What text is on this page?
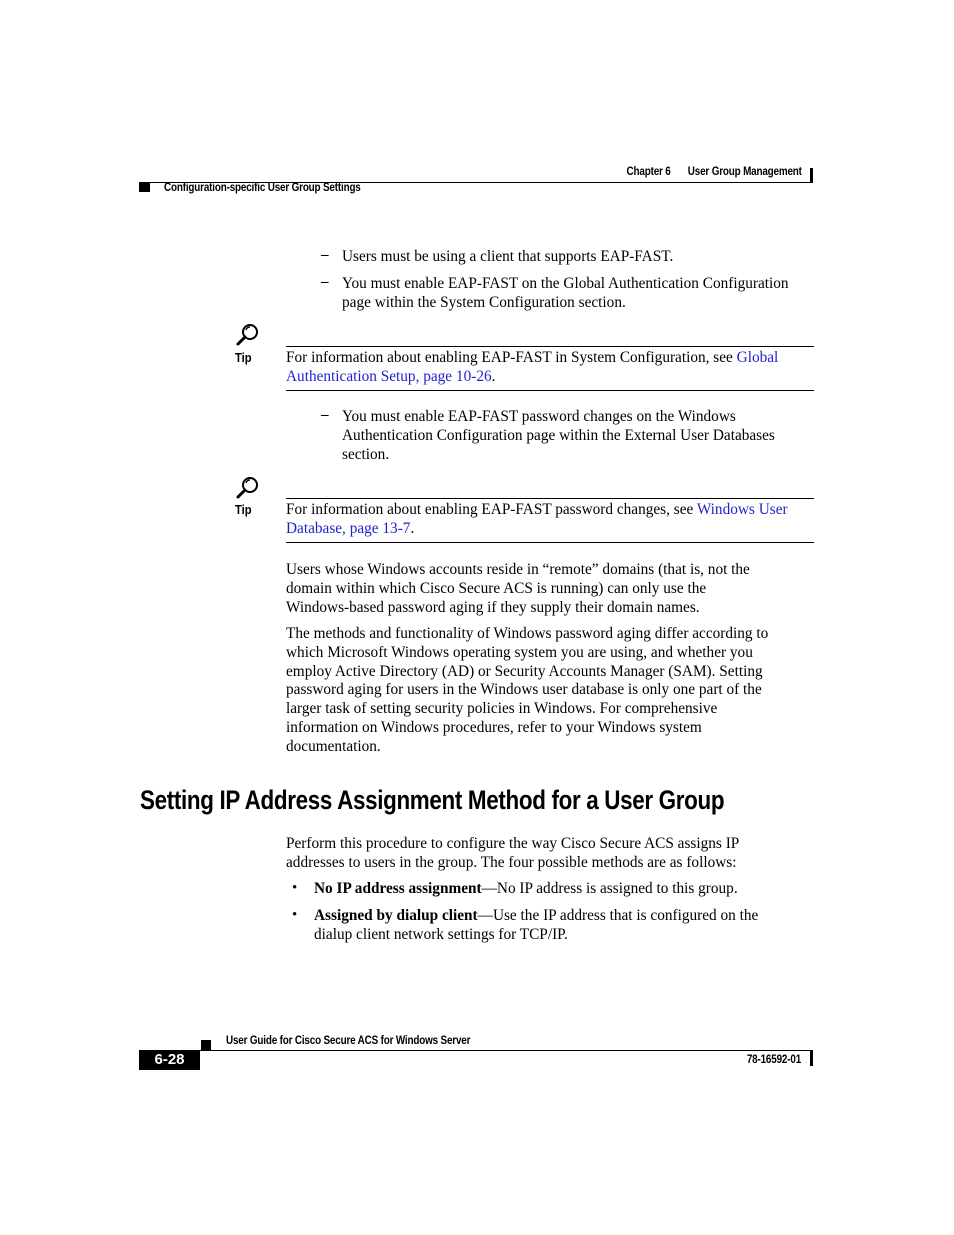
Chapter 6 User Group Management
Configuration-specific User Group Settings
– Users must be using a client that supports EAP-FAST.
– You must enable EAP-FAST on the Global Authentication Configuration
page within the System Configuration section.
Tip For information about enabling EAP-FAST in System Configuration, see Global
Authentication Setup, page 10-26.
– You must enable EAP-FAST password changes on the Windows
Authentication Configuration page within the External User Databases
section.
Tip For information about enabling EAP-FAST password changes, see Windows User
Database, page 13-7.
Users whose Windows accounts reside in “remote” domains (that is, not the
domain within which Cisco Secure ACS is running) can only use the
Windows-based password aging if they supply their domain names.
The methods and functionality of Windows password aging differ according to
which Microsoft Windows operating system you are using, and whether you
employ Active Directory (AD) or Security Accounts Manager (SAM). Setting
password aging for users in the Windows user database is only one part of the
larger task of setting security policies in Windows. For comprehensive
information on Windows procedures, refer to your Windows system
documentation.
Setting IP Address Assignment Method for a User Group
Perform this procedure to configure the way Cisco Secure ACS assigns IP
addresses to users in the group. The four possible methods are as follows:
• No IP address assignment—No IP address is assigned to this group.
• Assigned by dialup client—Use the IP address that is configured on the
dialup client network settings for TCP/IP.
User Guide for Cisco Secure ACS for Windows Server
6-28	78-16592-01
